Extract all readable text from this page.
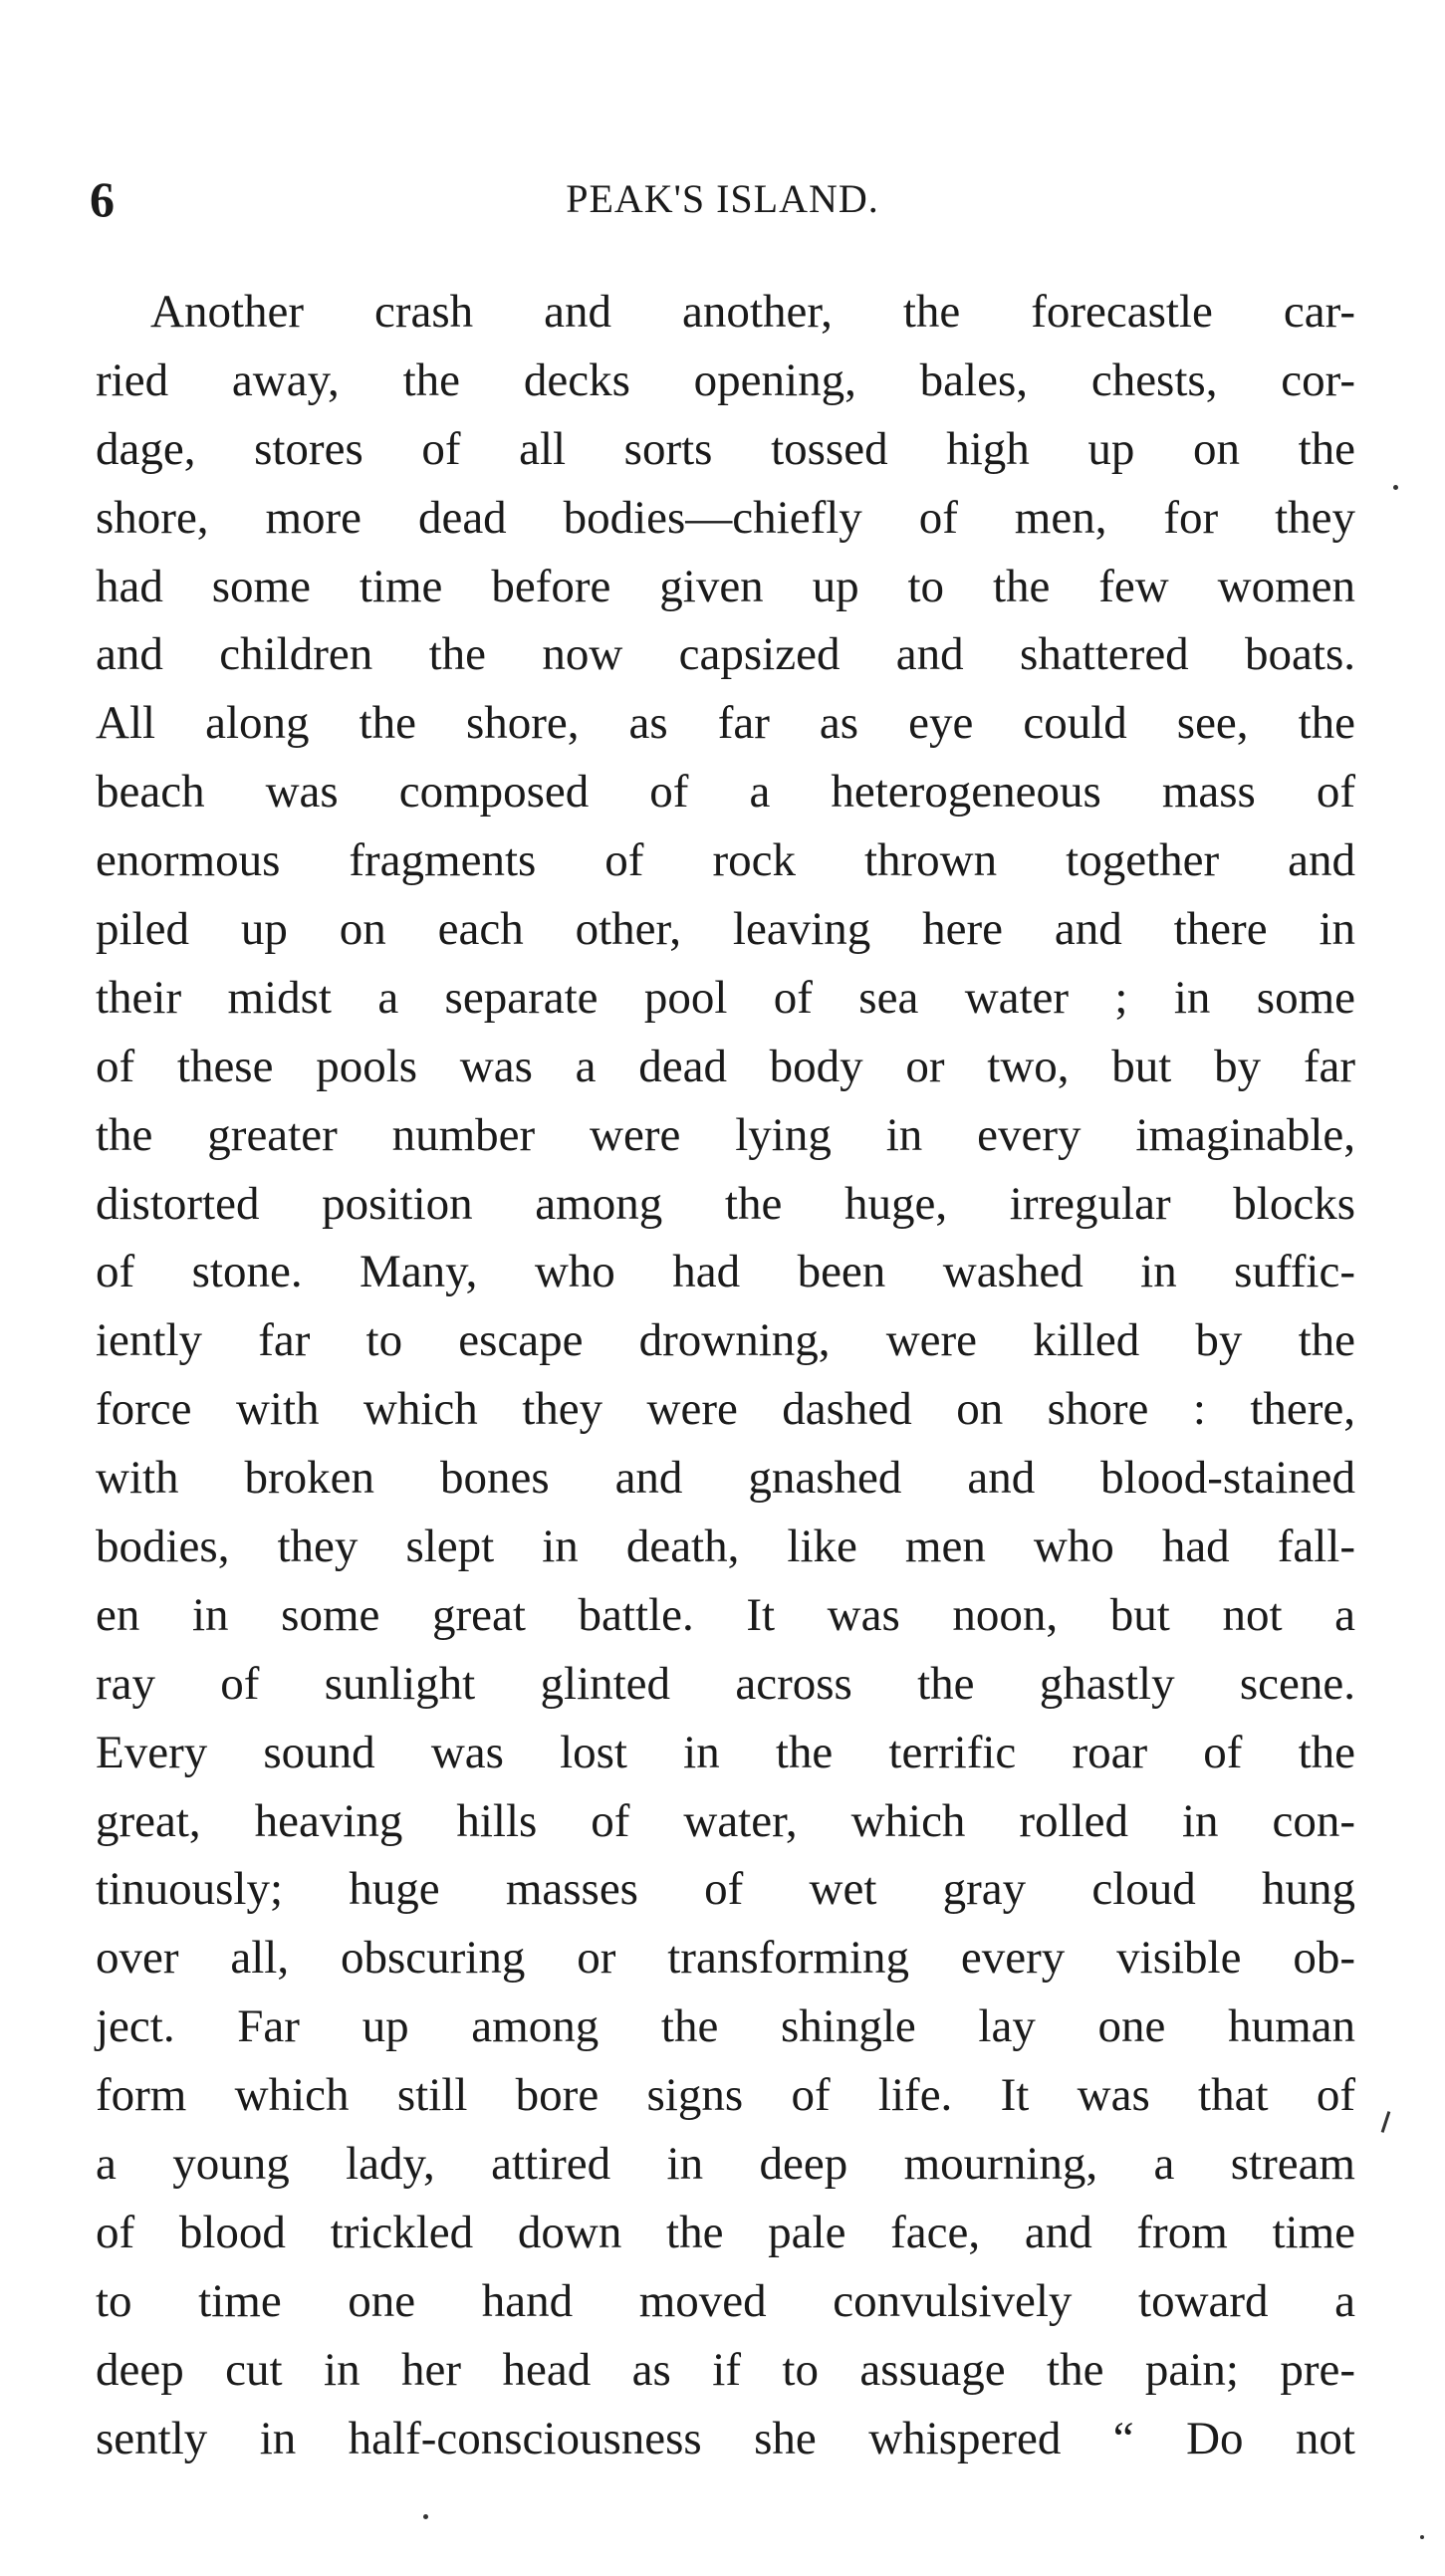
6	PEAK'S ISLAND.
Another crash and another, the forecastle car-
ried away, the decks opening, bales, chests, cor-
dage, stores of all sorts tossed high up on the
shore, more dead bodies—chiefly of men, for they
had some time before given up to the few women
and children the now capsized and shattered boats.
All along the shore, as far as eye could see, the
beach was composed of a heterogeneous mass of
enormous fragments of rock thrown together and
piled up on each other, leaving here and there in
their midst a separate pool of sea water ; in some
of these pools was a dead body or two, but by far
the greater number were lying in every imaginable,
distorted position among the huge, irregular blocks
of stone. Many, who had been washed in suffic-
iently far to escape drowning, were killed by the
force with which they were dashed on shore : there,
with broken bones and gnashed and blood-stained
bodies, they slept in death, like men who had fall-
en in some great battle. It was noon, but not a
ray of sunlight glinted across the ghastly scene.
Every sound was lost in the terrific roar of the
great, heaving hills of water, which rolled in con-
tinuously; huge masses of wet gray cloud hung
over all, obscuring or transforming every visible ob-
ject. Far up among the shingle lay one human
form which still bore signs of life. It was that of
a young lady, attired in deep mourning, a stream
of blood trickled down the pale face, and from time
to time one hand moved convulsively toward a
deep cut in her head as if to assuage the pain; pre-
sently in half-consciousness she whispered “ Do not
